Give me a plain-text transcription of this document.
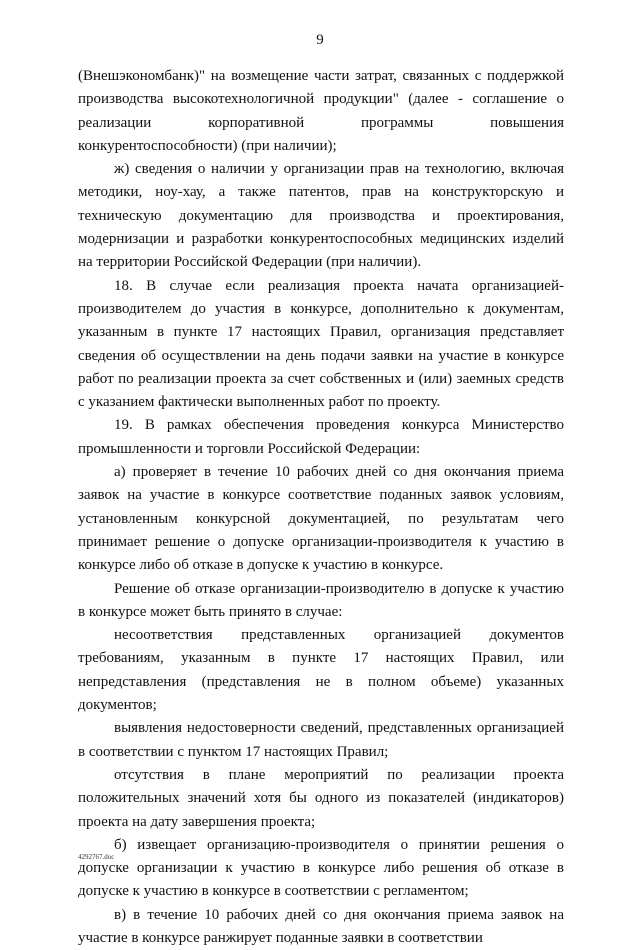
9

(Внешэкономбанк)" на возмещение части затрат, связанных с поддержкой производства высокотехнологичной продукции" (далее - соглашение о реализации корпоративной программы повышения конкурентоспособности) (при наличии);

ж) сведения о наличии у организации прав на технологию, включая методики, ноу-хау, а также патентов, прав на конструкторскую и техническую документацию для производства и проектирования, модернизации и разработки конкурентоспособных медицинских изделий на территории Российской Федерации (при наличии).

18. В случае если реализация проекта начата организацией-производителем до участия в конкурсе, дополнительно к документам, указанным в пункте 17 настоящих Правил, организация представляет сведения об осуществлении на день подачи заявки на участие в конкурсе работ по реализации проекта за счет собственных и (или) заемных средств с указанием фактически выполненных работ по проекту.

19. В рамках обеспечения проведения конкурса Министерство промышленности и торговли Российской Федерации:

а) проверяет в течение 10 рабочих дней со дня окончания приема заявок на участие в конкурсе соответствие поданных заявок условиям, установленным конкурсной документацией, по результатам чего принимает решение о допуске организации-производителя к участию в конкурсе либо об отказе в допуске к участию в конкурсе.

Решение об отказе организации-производителю в допуске к участию в конкурсе может быть принято в случае:

несоответствия представленных организацией документов требованиям, указанным в пункте 17 настоящих Правил, или непредставления (представления не в полном объеме) указанных документов;

выявления недостоверности сведений, представленных организацией в соответствии с пунктом 17 настоящих Правил;

отсутствия в плане мероприятий по реализации проекта положительных значений хотя бы одного из показателей (индикаторов) проекта на дату завершения проекта;

б) извещает организацию-производителя о принятии решения о допуске организации к участию в конкурсе либо решения об отказе в допуске к участию в конкурсе в соответствии с регламентом;

в) в течение 10 рабочих дней со дня окончания приема заявок на участие в конкурсе ранжирует поданные заявки в соответствии

4292767.doc
